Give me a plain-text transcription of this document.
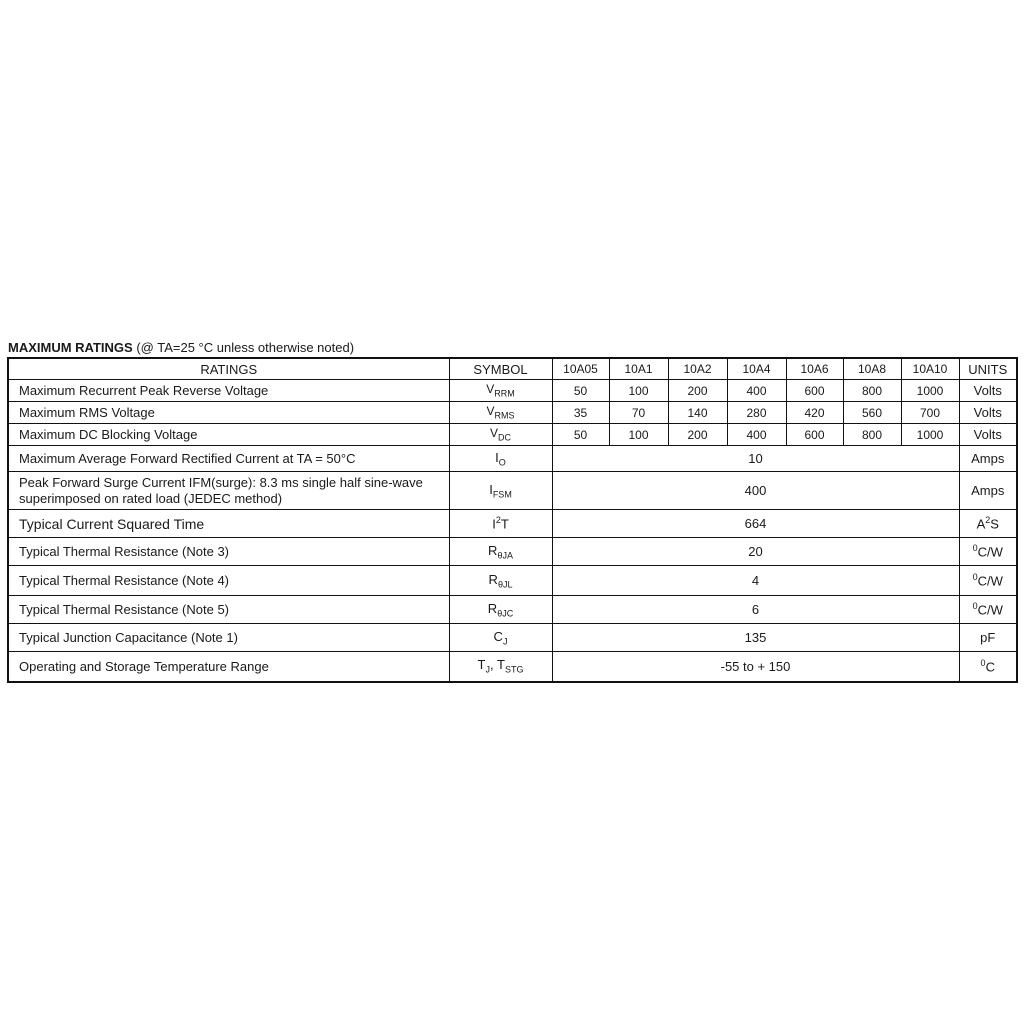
MAXIMUM RATINGS (@ TA=25 °C unless otherwise noted)
RATINGS	SYMBOL	10A05	10A1	10A2	10A4	10A6	10A8	10A10	UNITS
Maximum Recurrent Peak Reverse Voltage	$V_{RRM}$	50	100	200	400	600	800	1000	Volts
Maximum RMS Voltage	$V_{RMS}$	35	70	140	280	420	560	700	Volts
Maximum DC Blocking Voltage	$V_{DC}$	50	100	200	400	600	800	1000	Volts
Maximum Average Forward Rectified Current at TA = 50°C	$I_O$	10							Amps
Peak Forward Surge Current IFM(surge): 8.3 ms single half sine-wave
superimposed on rated load (JEDEC method)	$I_{FSM}$	400							Amps
Typical Current Squared Time	$I^2T$	664							$A^2S$
Typical Thermal Resistance (Note 3)	$R_{\theta JA}$	20							$^0$C/W
Typical Thermal Resistance (Note 4)	$R_{\theta JL}$	4							$^0$C/W
Typical Thermal Resistance (Note 5)	$R_{\theta JC}$	6							$^0$C/W
Typical Junction Capacitance (Note 1)	$C_J$	135							pF
Operating and Storage Temperature Range	$T_J$, $T_{STG}$	-55 to + 150							$^0$C
